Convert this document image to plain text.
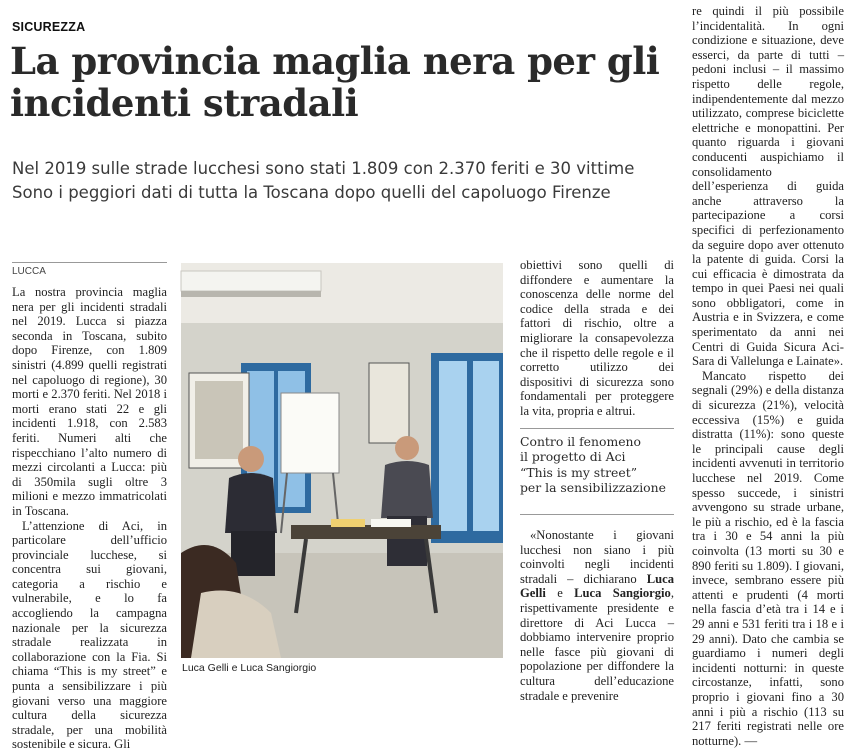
SICUREZZA
La provincia maglia nera per gli incidenti stradali
Nel 2019 sulle strade lucchesi sono stati 1.809 con 2.370 feriti e 30 vittime
Sono i peggiori dati di tutta la Toscana dopo quelli del capoluogo Firenze
LUCCA

La nostra provincia maglia nera per gli incidenti stradali nel 2019. Lucca si piazza seconda in Toscana, subito dopo Firenze, con 1.809 sinistri (4.899 quelli registrati nel capoluogo di regione), 30 morti e 2.370 feriti. Nel 2018 i morti erano stati 22 e gli incidenti 1.918, con 2.583 feriti. Numeri alti che rispecchiano l’alto numero di mezzi circolanti a Lucca: più di 350mila sugli oltre 3 milioni e mezzo immatricolati in Toscana.

L’attenzione di Aci, in particolare dell’ufficio provinciale lucchese, si concentra sui giovani, categoria a rischio e vulnerabile, e lo fa accogliendo la campagna nazionale per la sicurezza stradale realizzata in collaborazione con la Fia. Si chiama “This is my street” e punta a sensibilizzare i più giovani verso una maggiore cultura della sicurezza stradale, per una mobilità sostenibile e sicura. Gli

Luca Gelli e Luca Sangiorgio

obiettivi sono quelli di diffondere e aumentare la conoscenza delle norme del codice della strada e dei fattori di rischio, oltre a migliorare la consapevolezza che il rispetto delle regole e il corretto utilizzo dei dispositivi di sicurezza sono fondamentali per proteggere la vita, propria e altrui.

Contro il fenomeno
il progetto di Aci
“This is my street”
per la sensibilizzazione

«Nonostante i giovani lucchesi non siano i più coinvolti negli incidenti stradali – dichiarano Luca Gelli e Luca Sangiorgio, rispettivamente presidente e direttore di Aci Lucca – dobbiamo intervenire proprio nelle fasce più giovani di popolazione per diffondere la cultura dell’educazione stradale e prevenire

re quindi il più possibile l’incidentalità. In ogni condizione e situazione, deve esserci, da parte di tutti – pedoni inclusi – il massimo rispetto delle regole, indipendentemente dal mezzo utilizzato, comprese biciclette elettriche e monopattini. Per quanto riguarda i giovani conducenti auspichiamo il consolidamento dell’esperienza di guida anche attraverso la partecipazione a corsi specifici di perfezionamento da seguire dopo aver ottenuto la patente di guida. Corsi la cui efficacia è dimostrata da tempo in quei Paesi nei quali sono obbligatori, come in Austria e in Svizzera, e come sperimentato da anni nei Centri di Guida Sicura Aci-Sara di Vallelunga e Lainate».

Mancato rispetto dei segnali (29%) e della distanza di sicurezza (21%), velocità eccessiva (15%) e guida distratta (11%): sono queste le principali cause degli incidenti avvenuti in territorio lucchese nel 2019. Come spesso succede, i sinistri avvengono su strade urbane, le più a rischio, ed è la fascia tra i 30 e 54 anni la più coinvolta (13 morti su 30 e 890 feriti su 1.809). I giovani, invece, sembrano essere più attenti e prudenti (4 morti nella fascia d’età tra i 14 e i 29 anni e 531 feriti tra i 18 e i 29 anni). Dato che cambia se guardiamo i numeri degli incidenti notturni: in queste circostanze, infatti, sono proprio i giovani fino a 30 anni i più a rischio (113 su 217 feriti registrati nelle ore notturne). —
